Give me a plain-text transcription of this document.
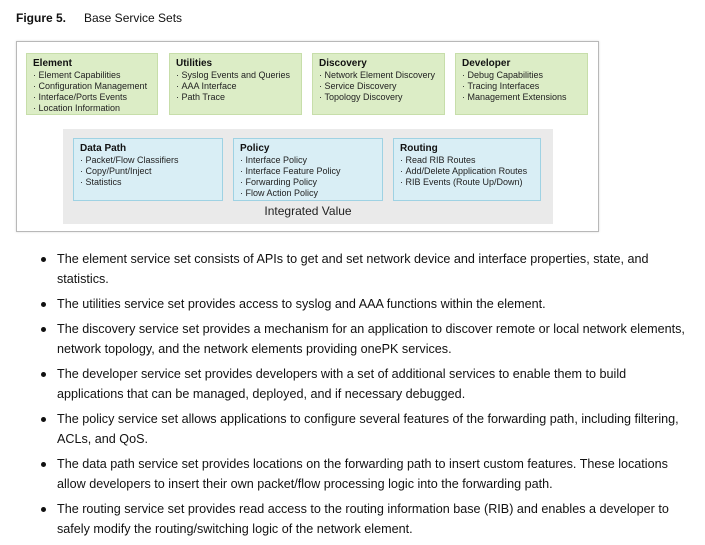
Figure 5. Base Service Sets
Element
· Element Capabilities
· Configuration Management
· Interface/Ports Events
· Location Information
Utilities
· Syslog Events and Queries
· AAA Interface
· Path Trace
Discovery
· Network Element Discovery
· Service Discovery
· Topology Discovery
Developer
· Debug Capabilities
· Tracing Interfaces
· Management Extensions
Data Path
· Packet/Flow Classifiers
· Copy/Punt/Inject
· Statistics
Policy
· Interface Policy
· Interface Feature Policy
· Forwarding Policy
· Flow Action Policy
Routing
· Read RIB Routes
· Add/Delete Application Routes
· RIB Events (Route Up/Down)
Integrated Value
The element service set consists of APIs to get and set network device and interface properties, state, and statistics.
The utilities service set provides access to syslog and AAA functions within the element.
The discovery service set provides a mechanism for an application to discover remote or local network elements, network topology, and the network elements providing onePK services.
The developer service set provides developers with a set of additional services to enable them to build applications that can be managed, deployed, and if necessary debugged.
The policy service set allows applications to configure several features of the forwarding path, including filtering, ACLs, and QoS.
The data path service set provides locations on the forwarding path to insert custom features. These locations allow developers to insert their own packet/flow processing logic into the forwarding path.
The routing service set provides read access to the routing information base (RIB) and enables a developer to safely modify the routing/switching logic of the network element.
